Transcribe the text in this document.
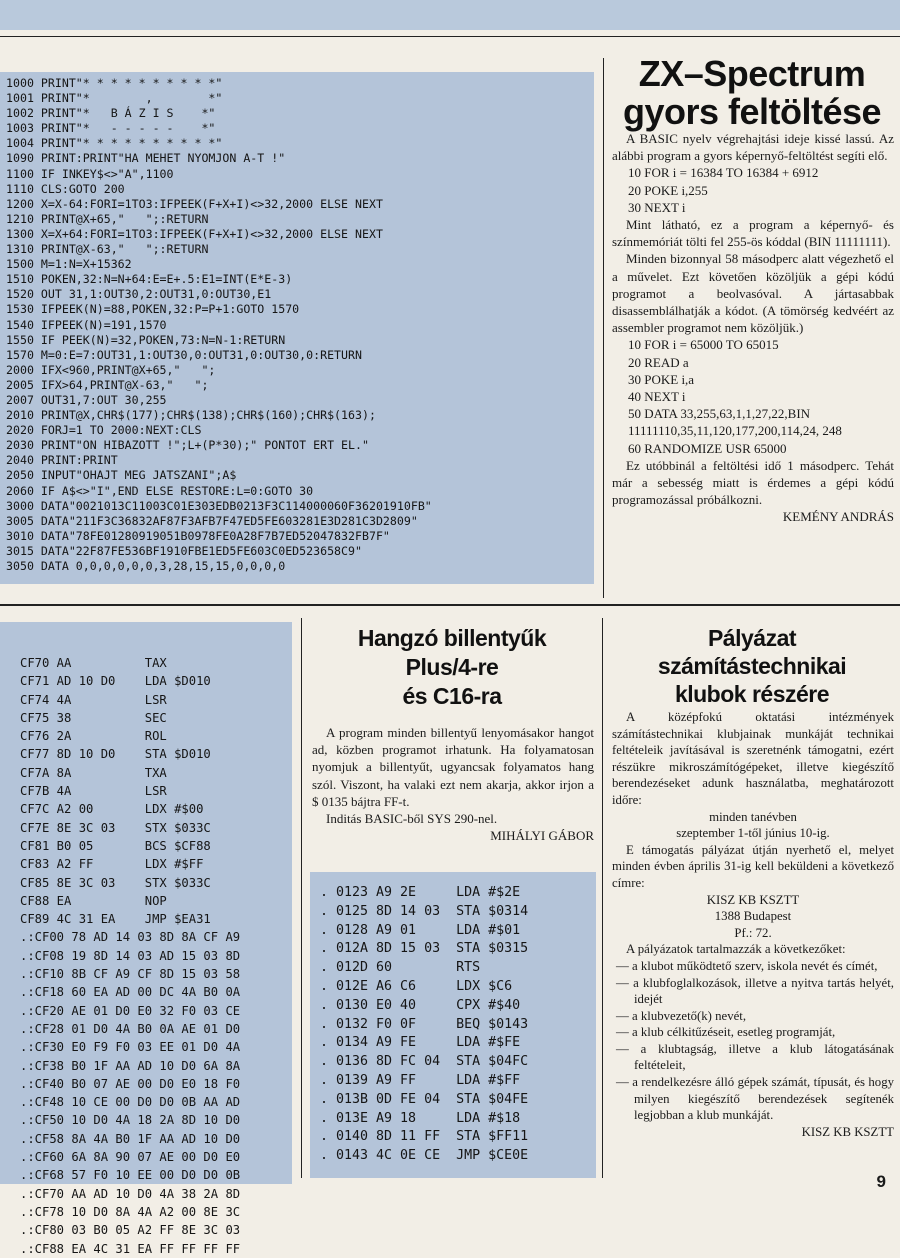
1000 PRINT"* * * * * * * * * *"
1001 PRINT"*        ,        *"
1002 PRINT"*   B Á Z I S    *"
1003 PRINT"*   - - - - -    *"
1004 PRINT"* * * * * * * * * *"
1090 PRINT:PRINT"HA MEHET NYOMJON A-T !"
1100 IF INKEY$<>"A",1100
1110 CLS:GOTO 200
1200 X=X-64:FORI=1TO3:IFPEEK(F+X+I)<>32,2000 ELSE NEXT
1210 PRINT@X+65,"   ";:RETURN
1300 X=X+64:FORI=1TO3:IFPEEK(F+X+I)<>32,2000 ELSE NEXT
1310 PRINT@X-63,"   ";:RETURN
1500 M=1:N=X+15362
1510 POKEN,32:N=N+64:E=E+.5:E1=INT(E*E-3)
1520 OUT 31,1:OUT30,2:OUT31,0:OUT30,E1
1530 IFPEEK(N)=88,POKEN,32:P=P+1:GOTO 1570
1540 IFPEEK(N)=191,1570
1550 IF PEEK(N)=32,POKEN,73:N=N-1:RETURN
1570 M=0:E=7:OUT31,1:OUT30,0:OUT31,0:OUT30,0:RETURN
2000 IFX<960,PRINT@X+65,"   ";
2005 IFX>64,PRINT@X-63,"   ";
2007 OUT31,7:OUT 30,255
2010 PRINT@X,CHR$(177);CHR$(138);CHR$(160);CHR$(163);
2020 FORJ=1 TO 2000:NEXT:CLS
2030 PRINT"ON HIBAZOTT !";L+(P*30);" PONTOT ERT EL."
2040 PRINT:PRINT
2050 INPUT"OHAJT MEG JATSZANI";A$
2060 IF A$<>"I",END ELSE RESTORE:L=0:GOTO 30
3000 DATA"0021013C11003C01E303EDB0213F3C114000060F36201910FB"
3005 DATA"211F3C36832AF87F3AFB7F47ED5FE603281E3D281C3D2809"
3010 DATA"78FE01280919051B0978FE0A28F7B7ED52047832FB7F"
3015 DATA"22F87FE536BF1910FBE1ED5FE603C0ED523658C9"
3050 DATA 0,0,0,0,0,0,3,28,15,15,0,0,0,0
ZX–Spectrum
gyors feltöltése
A BASIC nyelv végrehajtási ideje kissé lassú. Az alábbi program a gyors képernyő-feltöltést segíti elő.
10 FOR i = 16384 TO 16384 + 6912
20 POKE i,255
30 NEXT i
Mint látható, ez a program a képernyő- és színmemóriát tölti fel 255-ös kóddal (BIN 11111111).
Minden bizonnyal 58 másodperc alatt végezhető el a művelet. Ezt követően közöljük a gépi kódú programot a beolvasóval. A jártasabbak disassemblálhatják a kódot. (A tömörség kedvéért az assembler programot nem közöljük.)
10 FOR i = 65000 TO 65015
20 READ a
30 POKE i,a
40 NEXT i
50 DATA 33,255,63,1,1,27,22,BIN 11111110,35,11,120,177,200,114,24, 248
60 RANDOMIZE USR 65000
Ez utóbbinál a feltöltési idő 1 másodperc. Tehát már a sebesség miatt is érdemes a gépi kódú programozással próbálkozni.
KEMÉNY ANDRÁS
CF70 AA          TAX
CF71 AD 10 D0    LDA $D010
CF74 4A          LSR
CF75 38          SEC
CF76 2A          ROL
CF77 8D 10 D0    STA $D010
CF7A 8A          TXA
CF7B 4A          LSR
CF7C A2 00       LDX #$00
CF7E 8E 3C 03    STX $033C
CF81 B0 05       BCS $CF88
CF83 A2 FF       LDX #$FF
CF85 8E 3C 03    STX $033C
CF88 EA          NOP
CF89 4C 31 EA    JMP $EA31
.:CF00 78 AD 14 03 8D 8A CF A9
.:CF08 19 8D 14 03 AD 15 03 8D
.:CF10 8B CF A9 CF 8D 15 03 58
.:CF18 60 EA AD 00 DC 4A B0 0A
.:CF20 AE 01 D0 E0 32 F0 03 CE
.:CF28 01 D0 4A B0 0A AE 01 D0
.:CF30 E0 F9 F0 03 EE 01 D0 4A
.:CF38 B0 1F AA AD 10 D0 6A 8A
.:CF40 B0 07 AE 00 D0 E0 18 F0
.:CF48 10 CE 00 D0 D0 0B AA AD
.:CF50 10 D0 4A 18 2A 8D 10 D0
.:CF58 8A 4A B0 1F AA AD 10 D0
.:CF60 6A 8A 90 07 AE 00 D0 E0
.:CF68 57 F0 10 EE 00 D0 D0 0B
.:CF70 AA AD 10 D0 4A 38 2A 8D
.:CF78 10 D0 8A 4A A2 00 8E 3C
.:CF80 03 B0 05 A2 FF 8E 3C 03
.:CF88 EA 4C 31 EA FF FF FF FF
Hangzó billentyűk
Plus/4-re
és C16-ra
A program minden billentyű lenyomásakor hangot ad, közben programot irhatunk. Ha folyamatosan nyomjuk a billentyűt, ugyancsak folyamatos hang szól. Viszont, ha valaki ezt nem akarja, akkor irjon a $ 0135 bájtra FF-t.
Inditás BASIC-ből SYS 290-nel.
MIHÁLYI GÁBOR
. 0123 A9 2E     LDA #$2E
. 0125 8D 14 03  STA $0314
. 0128 A9 01     LDA #$01
. 012A 8D 15 03  STA $0315
. 012D 60        RTS
. 012E A6 C6     LDX $C6
. 0130 E0 40     CPX #$40
. 0132 F0 0F     BEQ $0143
. 0134 A9 FE     LDA #$FE
. 0136 8D FC 04  STA $04FC
. 0139 A9 FF     LDA #$FF
. 013B 0D FE 04  STA $04FE
. 013E A9 18     LDA #$18
. 0140 8D 11 FF  STA $FF11
. 0143 4C 0E CE  JMP $CE0E
Pályázat
számítástechnikai
klubok részére
A középfokú oktatási intézmények számítástechnikai klubjainak munkáját technikai feltételeik javításával is szeretnénk támogatni, ezért részükre mikroszámítógépeket, illetve kiegészítő berendezéseket adunk használatba, meghatározott időre:
minden tanévben
szeptember 1-től június 10-ig.
E támogatás pályázat útján nyerhető el, melyet minden évben április 31-ig kell beküldeni a következő címre:
KISZ KB KSZTT
1388 Budapest
Pf.: 72.
A pályázatok tartalmazzák a következőket:
— a klubot működtető szerv, iskola nevét és címét,
— a klubfoglalkozások, illetve a nyitva tartás helyét, idejét
— a klubvezető(k) nevét,
— a klub célkitűzéseit, esetleg programját,
— a klubtagság, illetve a klub látogatásának feltételeit,
— a rendelkezésre álló gépek számát, típusát, és hogy milyen kiegészítő berendezések segítenék legjobban a klub munkáját.
KISZ KB KSZTT
9
